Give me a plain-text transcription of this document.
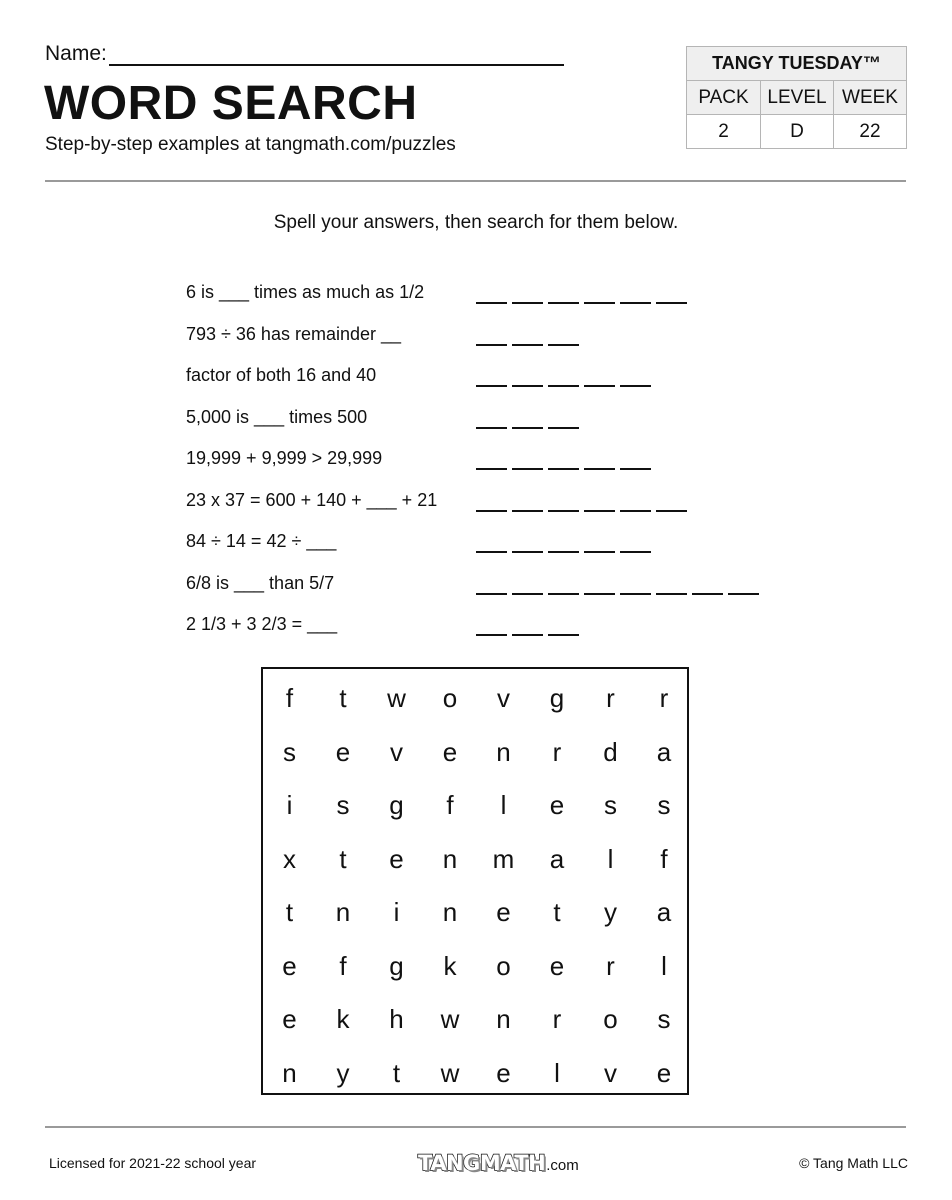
Name:
WORD SEARCH
Step-by-step examples at tangmath.com/puzzles
TANGY TUESDAY™		
PACK	LEVEL	WEEK
2	D	22
Spell your answers, then search for them below.
6 is ___ times as much as 1/2
793 ÷ 36 has remainder __
factor of both 16 and 40
5,000 is ___ times 500
19,999 + 9,999 > 29,999
23 x 37 = 600 + 140 + ___ + 21
84 ÷ 14 = 42 ÷ ___
6/8 is ___ than 5/7
2 1/3 + 3 2/3 = ___
f	t	w	o	v	g	r	r
s	e	v	e	n	r	d	a
i	s	g	f	l	e	s	s
x	t	e	n	m	a	l	f
t	n	i	n	e	t	y	a
e	f	g	k	o	e	r	l
e	k	h	w	n	r	o	s
n	y	t	w	e	l	v	e
Licensed for 2021-22 school year	TANGMATH .com	© Tang Math LLC
